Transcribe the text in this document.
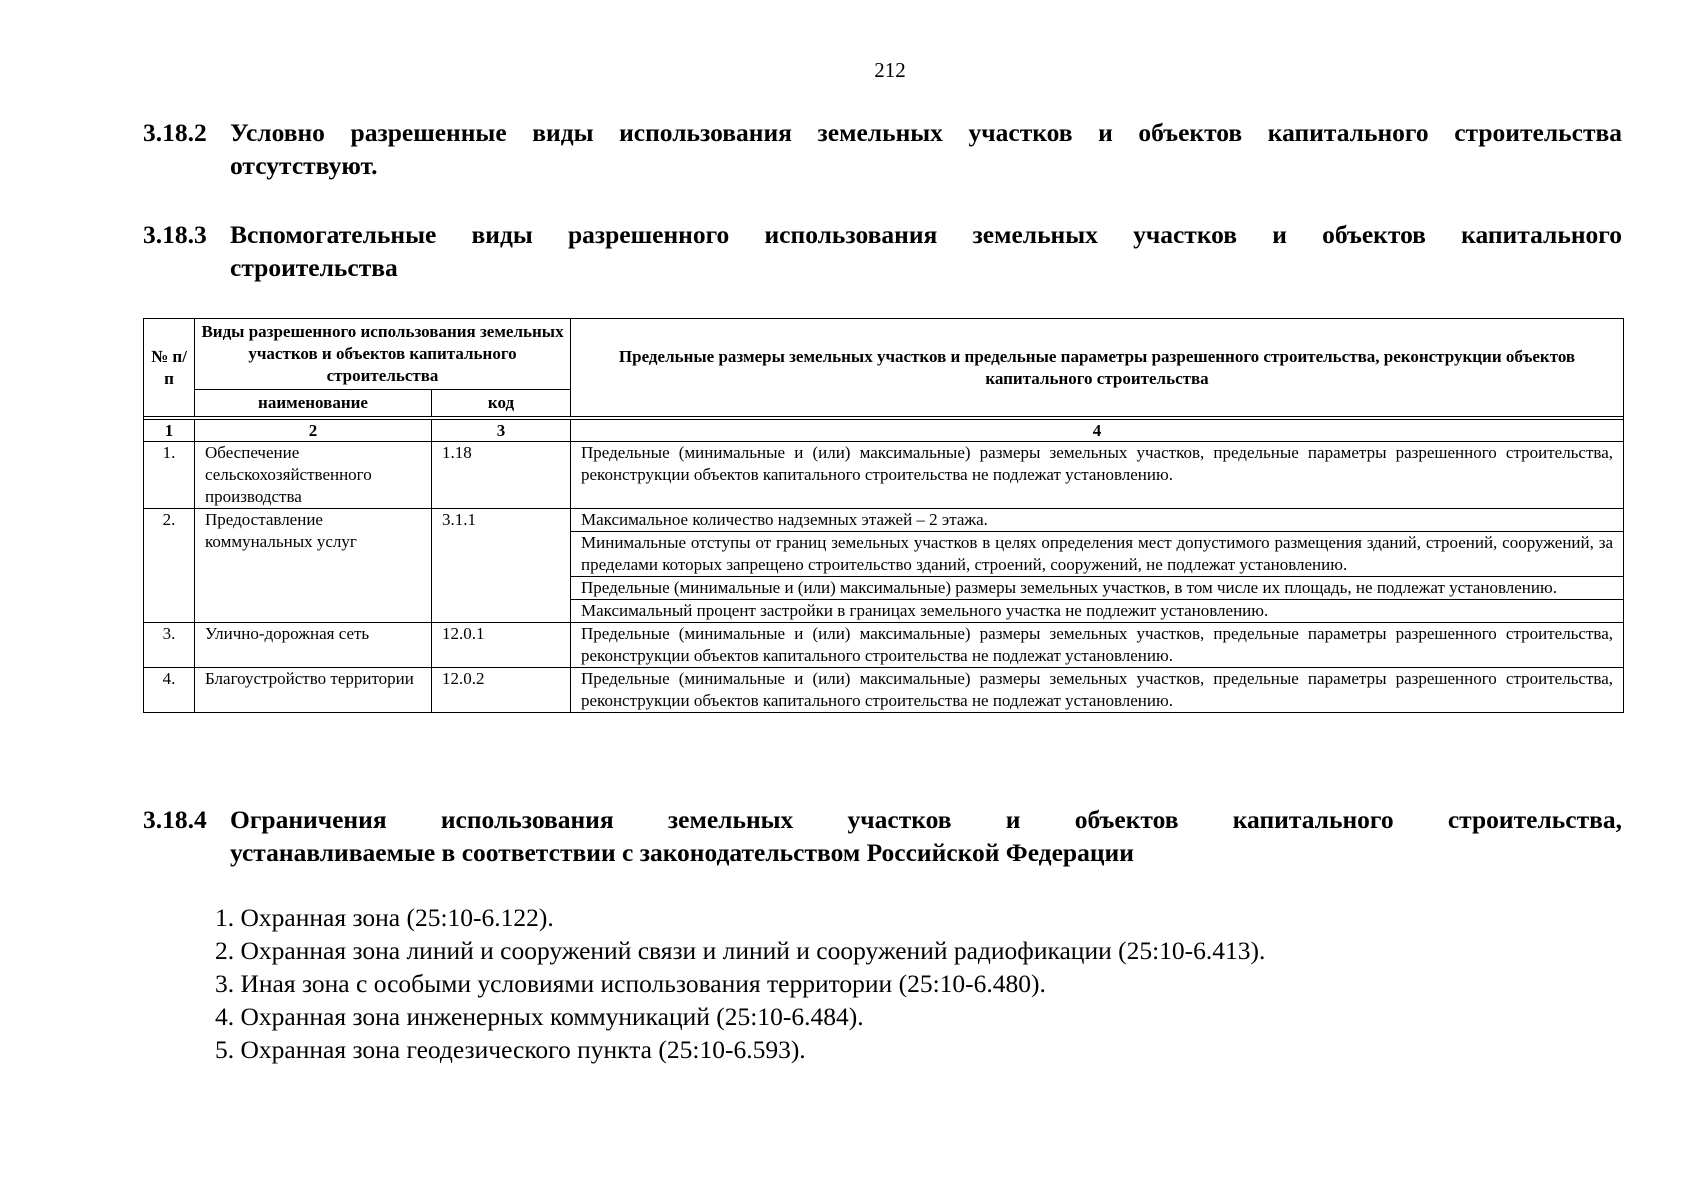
212
3.18.2 Условно разрешенные виды использования земельных участков и объектов капитального строительства
отсутствуют.
3.18.3 Вспомогательные виды разрешенного использования земельных участков и объектов капитального
строительства
№ п/п	Виды разрешенного использования земельных участков и объектов капитального строительства		Предельные размеры земельных участков и предельные параметры разрешенного строительства, реконструкции объектов капитального строительства
	наименование	код	

1	2	3	4
1.	Обеспечение сельскохозяйственного производства	1.18	Предельные (минимальные и (или) максимальные) размеры земельных участков, предельные параметры разрешенного строительства, реконструкции объектов капитального строительства не подлежат установлению.
2.	Предоставление коммунальных услуг	3.1.1	Максимальное количество надземных этажей – 2 этажа.
			Минимальные отступы от границ земельных участков в целях определения мест допустимого размещения зданий, строений, сооружений, за пределами которых запрещено строительство зданий, строений, сооружений, не подлежат установлению.
			Предельные (минимальные и (или) максимальные) размеры земельных участков, в том числе их площадь, не подлежат установлению.
			Максимальный процент застройки в границах земельного участка не подлежит установлению.
3.	Улично-дорожная сеть	12.0.1	Предельные (минимальные и (или) максимальные) размеры земельных участков, предельные параметры разрешенного строительства, реконструкции объектов капитального строительства не подлежат установлению.
4.	Благоустройство территории	12.0.2	Предельные (минимальные и (или) максимальные) размеры земельных участков, предельные параметры разрешенного строительства, реконструкции объектов капитального строительства не подлежат установлению.
3.18.4 Ограничения использования земельных участков и объектов капитального строительства,
устанавливаемые в соответствии с законодательством Российской Федерации
1. Охранная зона (25:10-6.122).
2. Охранная зона линий и сооружений связи и линий и сооружений радиофикации (25:10-6.413).
3. Иная зона с особыми условиями использования территории (25:10-6.480).
4. Охранная зона инженерных коммуникаций (25:10-6.484).
5. Охранная зона геодезического пункта (25:10-6.593).
